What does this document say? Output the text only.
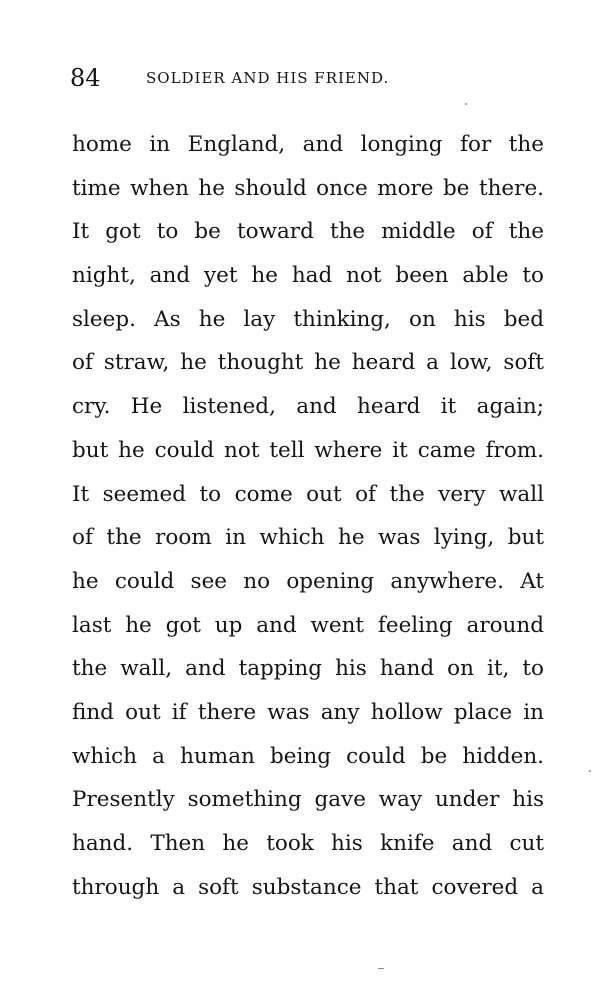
84	SOLDIER AND HIS FRIEND.
home in England, and longing for the
time when he should once more be there.
It got to be toward the middle of the
night, and yet he had not been able to
sleep. As he lay thinking, on his bed
of straw, he thought he heard a low, soft
cry. He listened, and heard it again;
but he could not tell where it came from.
It seemed to come out of the very wall
of the room in which he was lying, but
he could see no opening anywhere. At
last he got up and went feeling around
the wall, and tapping his hand on it, to
find out if there was any hollow place in
which a human being could be hidden.
Presently something gave way under his
hand. Then he took his knife and cut
through a soft substance that covered a
